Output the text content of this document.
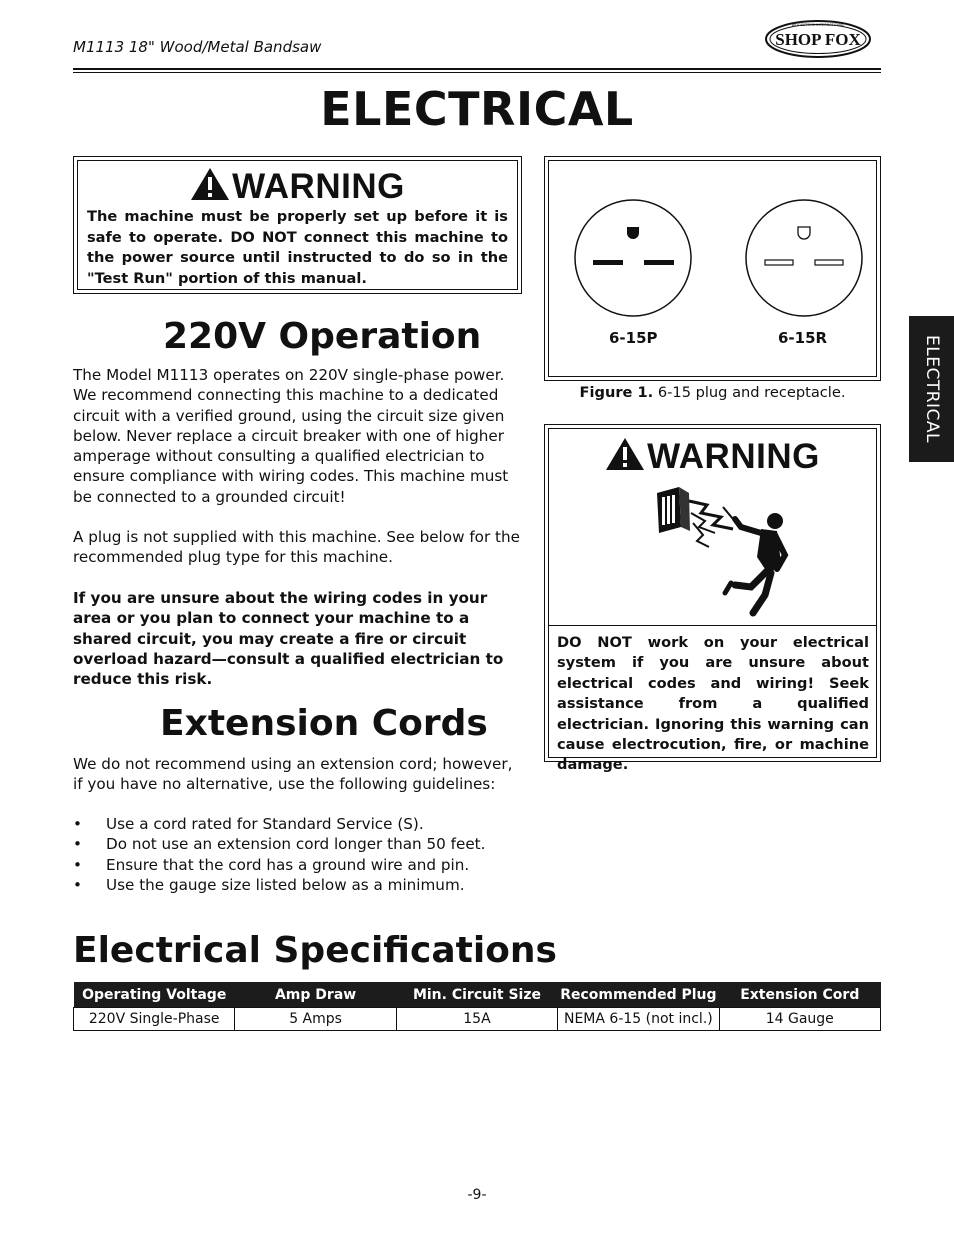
M1113 18" Wood/Metal Bandsaw	SHOP FOX
WOODSTOCK INTERNATIONAL
ELECTRICAL
WARNING
The machine must be properly set up before it is safe to operate. DO NOT connect this machine to the power source until instructed to do so in the "Test Run" portion of this manual.
220V Operation
The Model M1113 operates on 220V single-phase power. We recommend connecting this machine to a dedicated circuit with a verified ground, using the circuit size given below. Never replace a circuit breaker with one of higher amperage without consulting a qualified electrician to ensure compliance with wiring codes. This machine must be connected to a grounded circuit!
A plug is not supplied with this machine. See below for the recommended plug type for this machine.
If you are unsure about the wiring codes in your area or you plan to connect your machine to a shared circuit, you may create a fire or circuit overload hazard—consult a qualified electrician to reduce this risk.
6-15P	6-15R
Figure 1. 6-15 plug and receptacle.
WARNING
DO NOT work on your electrical system if you are unsure about electrical codes and wiring! Seek assistance from a qualified electrician. Ignoring this warning can cause electrocution, fire, or machine damage.
ELECTRICAL
Extension Cords
We do not recommend using an extension cord; however, if you have no alternative, use the following guidelines:
• Use a cord rated for Standard Service (S).
• Do not use an extension cord longer than 50 feet.
• Ensure that the cord has a ground wire and pin.
• Use the gauge size listed below as a minimum.
Electrical Specifications
Operating Voltage	Amp Draw	Min. Circuit Size	Recommended Plug	Extension Cord
220V Single-Phase	5 Amps	15A	NEMA 6-15 (not incl.)	14 Gauge
-9-
